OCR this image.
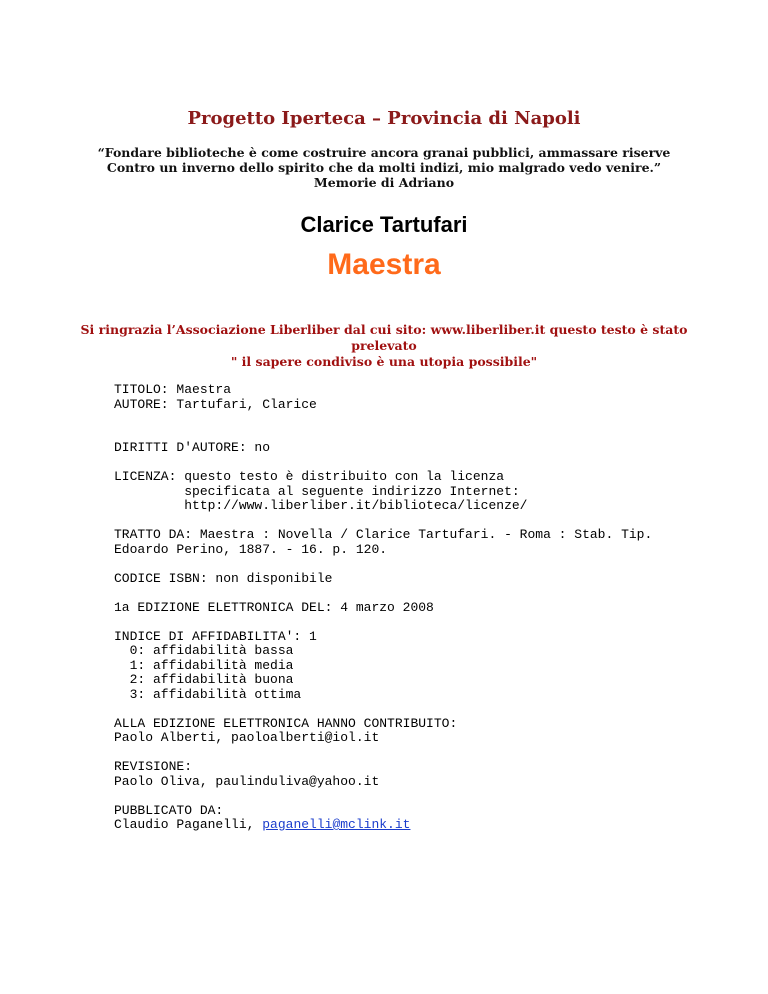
Progetto Iperteca – Provincia di Napoli
“Fondare biblioteche è come costruire ancora granai pubblici, ammassare riserve
Contro un inverno dello spirito che da molti indizi, mio malgrado vedo venire.”
Memorie di Adriano
Clarice Tartufari
Maestra
Si ringrazia l’Associazione Liberliber dal cui sito: www.liberliber.it questo testo è stato
prelevato
" il sapere condiviso è una utopia possibile"
TITOLO: Maestra
AUTORE: Tartufari, Clarice
DIRITTI D'AUTORE: no
LICENZA: questo testo è distribuito con la licenza
specificata al seguente indirizzo Internet:
http://www.liberliber.it/biblioteca/licenze/
TRATTO DA: Maestra : Novella / Clarice Tartufari. - Roma : Stab. Tip.
Edoardo Perino, 1887. - 16. p. 120.
CODICE ISBN: non disponibile
1a EDIZIONE ELETTRONICA DEL: 4 marzo 2008
INDICE DI AFFIDABILITA': 1
0: affidabilità bassa
1: affidabilità media
2: affidabilità buona
3: affidabilità ottima
ALLA EDIZIONE ELETTRONICA HANNO CONTRIBUITO:
Paolo Alberti, paoloalberti@iol.it
REVISIONE:
Paolo Oliva, paulinduliva@yahoo.it
PUBBLICATO DA:
Claudio Paganelli, paganelli@mclink.it
